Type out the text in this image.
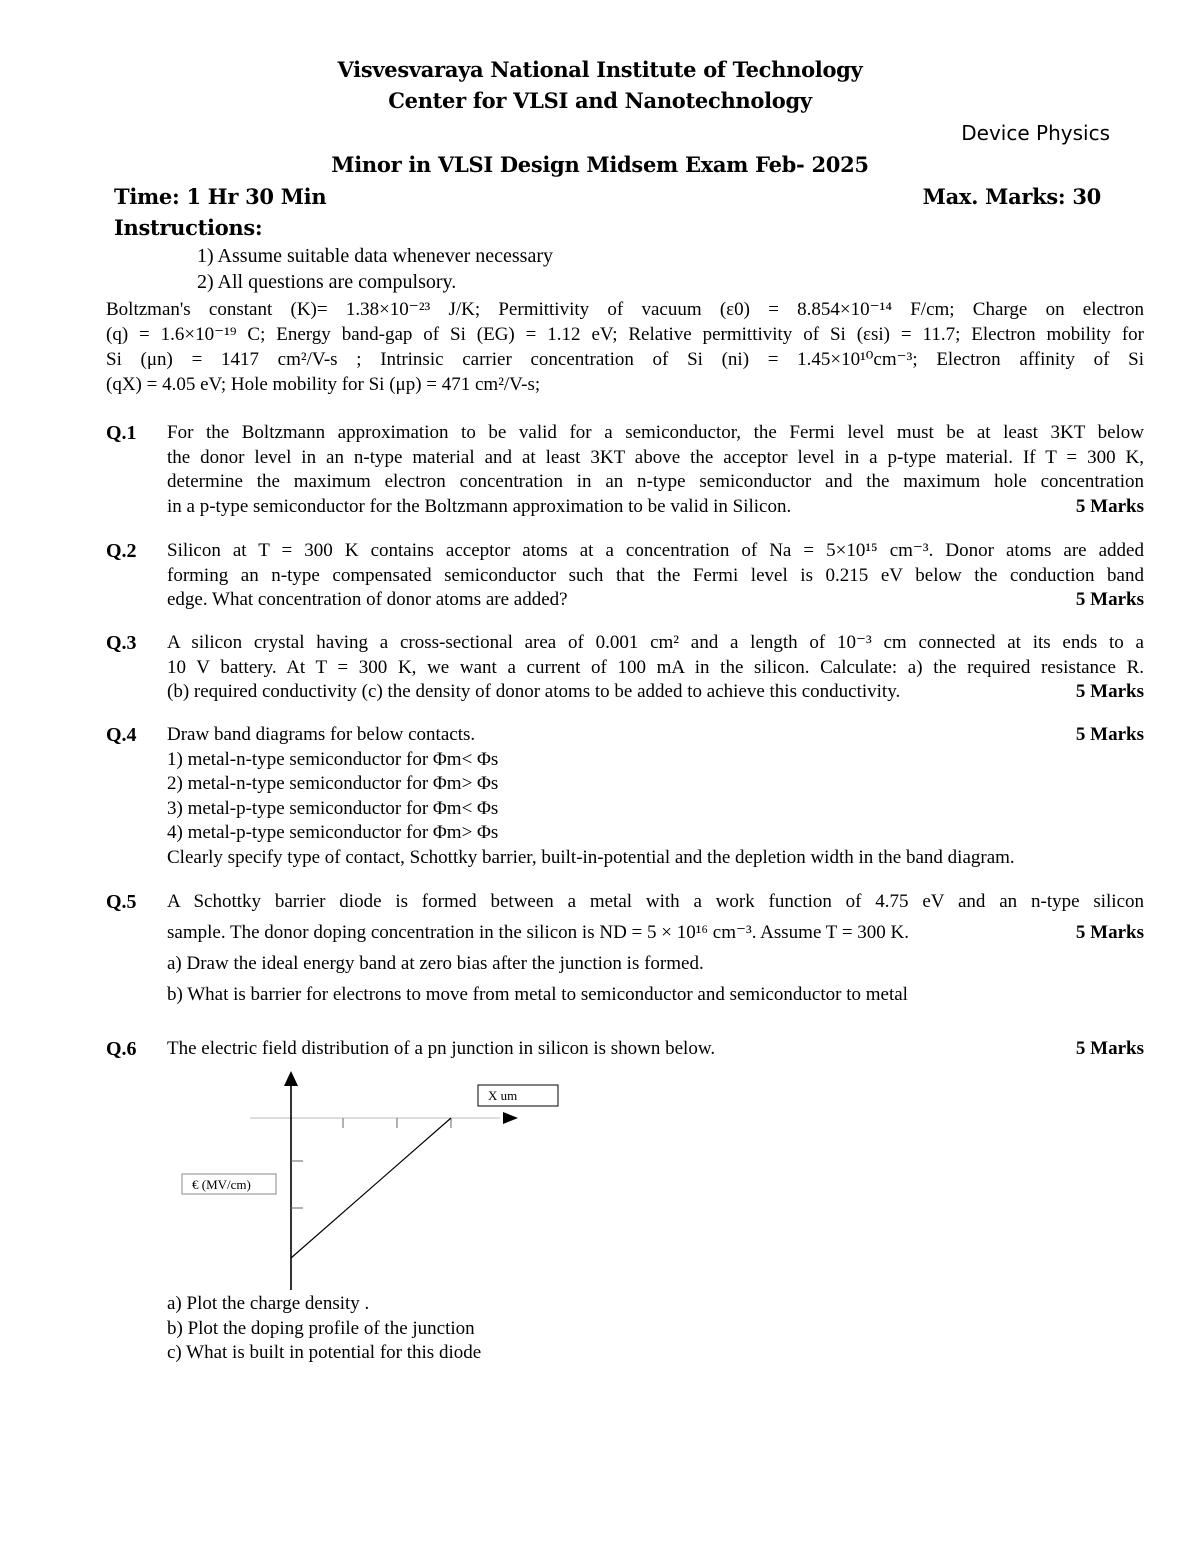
Visvesvaraya National Institute of Technology
Center for VLSI and Nanotechnology
Device Physics
Minor in VLSI Design Midsem Exam Feb- 2025
Time: 1 Hr 30 Min	Max. Marks: 30
Instructions:
1) Assume suitable data whenever necessary
2) All questions are compulsory.
Boltzman's constant (K)= 1.38×10⁻²³ J/K; Permittivity of vacuum (ε0) = 8.854×10⁻¹⁴ F/cm; Charge on electron
(q) = 1.6×10⁻¹⁹ C; Energy band-gap of Si (EG) = 1.12 eV; Relative permittivity of Si (εsi) = 11.7; Electron mobility for
Si (μn) = 1417 cm²/V-s ; Intrinsic carrier concentration of Si (ni) = 1.45×10¹⁰cm⁻³; Electron affinity of Si
(qX) = 4.05 eV; Hole mobility for Si (μp) = 471 cm²/V-s;
Q.1 For the Boltzmann approximation to be valid for a semiconductor, the Fermi level must be at least 3KT below
the donor level in an n-type material and at least 3KT above the acceptor level in a p-type material. If T = 300 K,
determine the maximum electron concentration in an n-type semiconductor and the maximum hole concentration
in a p-type semiconductor for the Boltzmann approximation to be valid in Silicon.	5 Marks
Q.2 Silicon at T = 300 K contains acceptor atoms at a concentration of Na = 5×10¹⁵ cm⁻³. Donor atoms are added
forming an n-type compensated semiconductor such that the Fermi level is 0.215 eV below the conduction band
edge. What concentration of donor atoms are added?	5 Marks
Q.3 A silicon crystal having a cross-sectional area of 0.001 cm² and a length of 10⁻³ cm connected at its ends to a
10 V battery. At T = 300 K, we want a current of 100 mA in the silicon. Calculate: a) the required resistance R.
(b) required conductivity (c) the density of donor atoms to be added to achieve this conductivity.	5 Marks
Q.4 Draw band diagrams for below contacts.	5 Marks
1) metal-n-type semiconductor for Φm< Φs
2) metal-n-type semiconductor for Φm> Φs
3) metal-p-type semiconductor for Φm< Φs
4) metal-p-type semiconductor for Φm> Φs
Clearly specify type of contact, Schottky barrier, built-in-potential and the depletion width in the band diagram.
Q.5 A Schottky barrier diode is formed between a metal with a work function of 4.75 eV and an n-type silicon
sample. The donor doping concentration in the silicon is ND = 5 × 10¹⁶ cm⁻³. Assume T = 300 K.	5 Marks
a) Draw the ideal energy band at zero bias after the junction is formed.
b) What is barrier for electrons to move from metal to semiconductor and semiconductor to metal
Q.6 The electric field distribution of a pn junction in silicon is shown below.	5 Marks
X um
€ (MV/cm)
a) Plot the charge density .
b) Plot the doping profile of the junction
c) What is built in potential for this diode
